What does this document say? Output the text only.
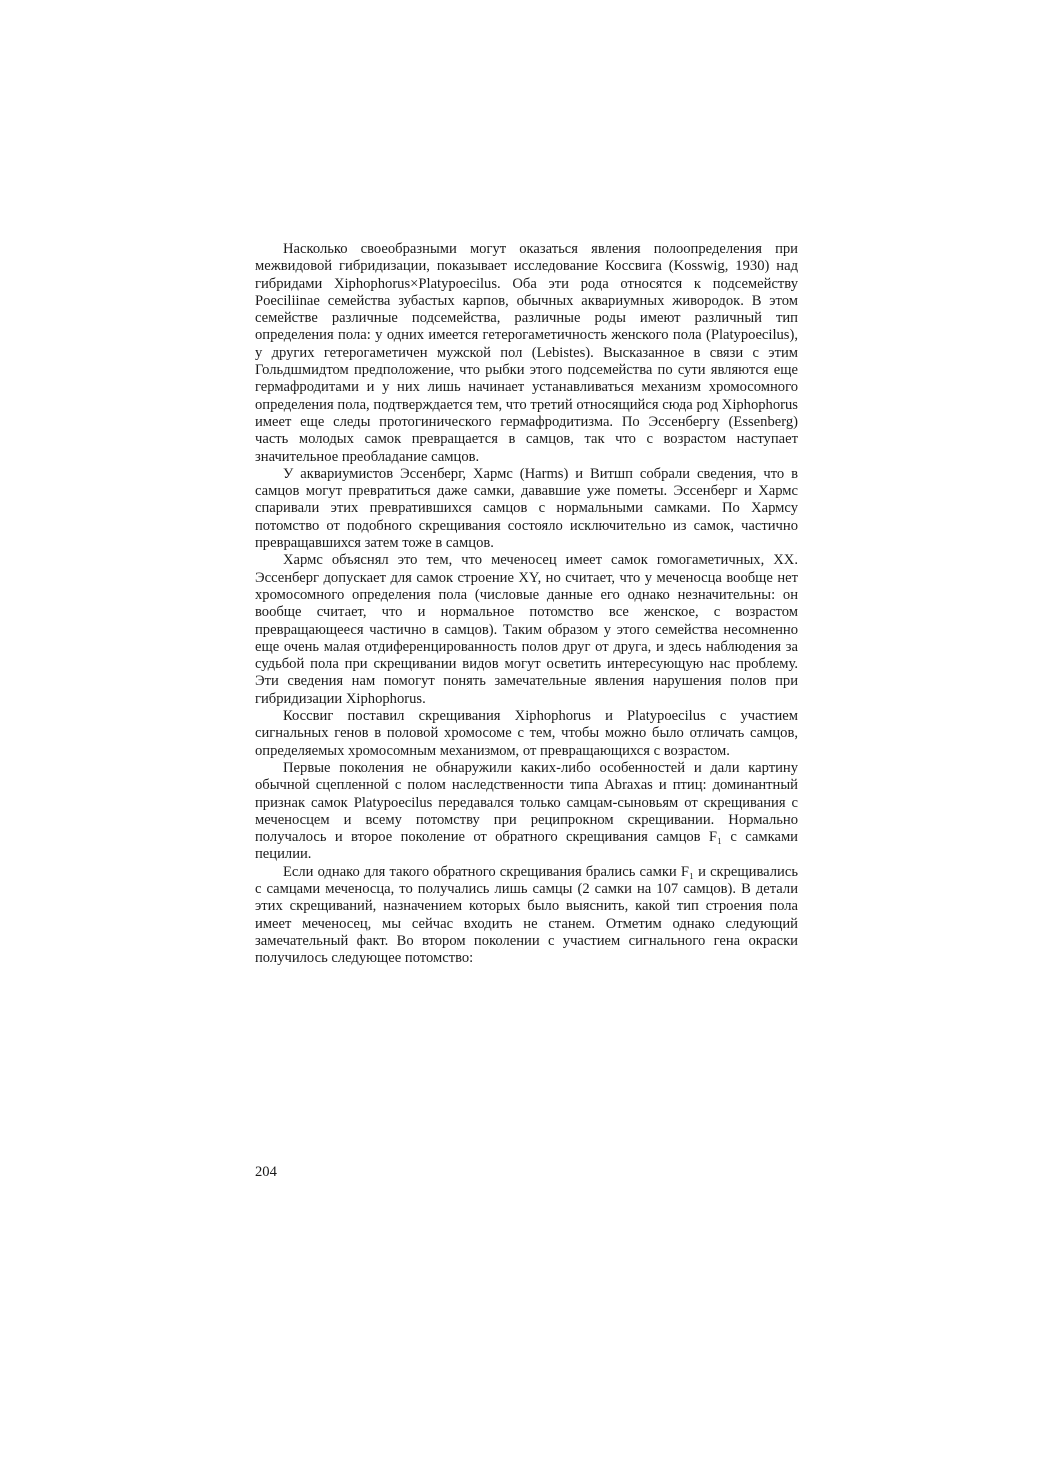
Насколько своеобразными могут оказаться явления полоопределения при межвидовой гибридизации, показывает исследование Коссвига (Kosswig, 1930) над гибридами Xiphophorus×Platypoecilus. Оба эти рода относятся к подсемейству Poeciliinae семейства зубастых карпов, обычных аквариумных живородок. В этом семействе различные подсемейства, различные роды имеют различный тип определения пола: у одних имеется гетерогаметичность женского пола (Platypoecilus), у других гетерогаметичен мужской пол (Lebistes). Высказанное в связи с этим Гольдшмидтом предположение, что рыбки этого подсемейства по сути являются еще гермафродитами и у них лишь начинает устанавливаться механизм хромосомного определения пола, подтверждается тем, что третий относящийся сюда род Xiphophorus имеет еще следы протогинического гермафродитизма. По Эссенбергу (Essenberg) часть молодых самок превращается в самцов, так что с возрастом наступает значительное преобладание самцов.

У аквариумистов Эссенберг, Хармс (Harms) и Витшп собрали сведения, что в самцов могут превратиться даже самки, дававшие уже пометы. Эссенберг и Хармс спаривали этих превратившихся самцов с нормальными самками. По Хармсу потомство от подобного скрещивания состояло исключительно из самок, частично превращавшихся затем тоже в самцов.

Хармс объяснял это тем, что меченосец имеет самок гомогаметичных, XX. Эссенберг допускает для самок строение XY, но считает, что у меченосца вообще нет хромосомного определения пола (числовые данные его однако незначительны: он вообще считает, что и нормальное потомство все женское, с возрастом превращающееся частично в самцов). Таким образом у этого семейства несомненно еще очень малая отдиференцированность полов друг от друга, и здесь наблюдения за судьбой пола при скрещивании видов могут осветить интересующую нас проблему. Эти сведения нам помогут понять замечательные явления нарушения полов при гибридизации Xiphophorus.

Коссвиг поставил скрещивания Xiphophorus и Platypoecilus с участием сигнальных генов в половой хромосоме с тем, чтобы можно было отличать самцов, определяемых хромосомным механизмом, от превращающихся с возрастом.

Первые поколения не обнаружили каких-либо особенностей и дали картину обычной сцепленной с полом наследственности типа Abraxas и птиц: доминантный признак самок Platypoecilus передавался только самцам-сыновьям от скрещивания с меченосцем и всему потомству при реципрокном скрещивании. Нормально получалось и второе поколение от обратного скрещивания самцов F₁ с самками пецилии.

Если однако для такого обратного скрещивания брались самки F₁ и скрещивались с самцами меченосца, то получались лишь самцы (2 самки на 107 самцов). В детали этих скрещиваний, назначением которых было выяснить, какой тип строения пола имеет меченосец, мы сейчас входить не станем. Отметим однако следующий замечательный факт. Во втором поколении с участием сигнального гена окраски получилось следующее потомство:

204
